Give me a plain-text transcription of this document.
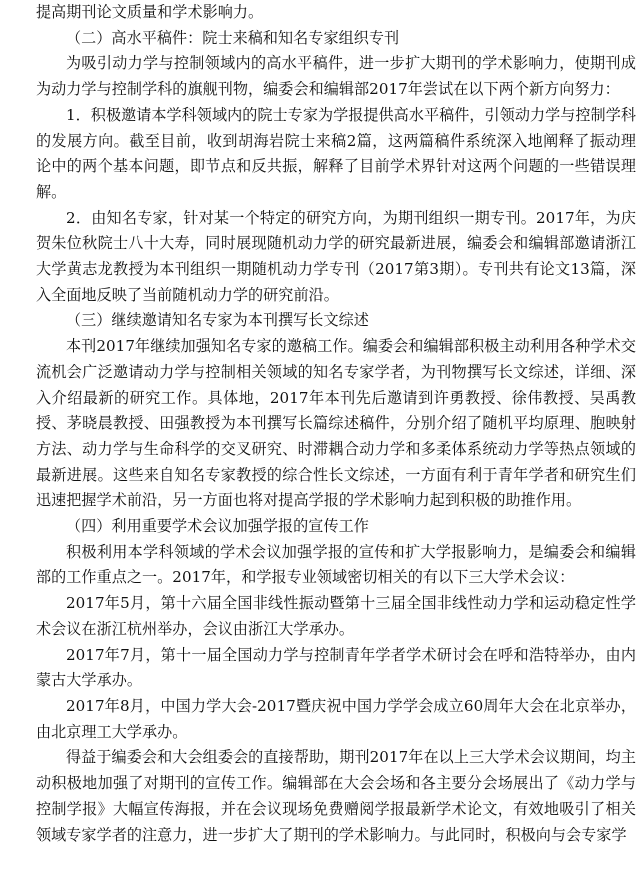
提高期刊论文质量和学术影响力。

（二）高水平稿件：院士来稿和知名专家组织专刊

为吸引动力学与控制领域内的高水平稿件，进一步扩大期刊的学术影响力，使期刊成为动力学与控制学科的旗舰刊物，编委会和编辑部2017年尝试在以下两个新方向努力：

1．积极邀请本学科领域内的院士专家为学报提供高水平稿件，引领动力学与控制学科的发展方向。截至目前，收到胡海岩院士来稿2篇，这两篇稿件系统深入地阐释了振动理论中的两个基本问题，即节点和反共振，解释了目前学术界针对这两个问题的一些错误理解。

2．由知名专家，针对某一个特定的研究方向，为期刊组织一期专刊。2017年，为庆贺朱位秋院士八十大寿，同时展现随机动力学的研究最新进展，编委会和编辑部邀请浙江大学黄志龙教授为本刊组织一期随机动力学专刊（2017第3期）。专刊共有论文13篇，深入全面地反映了当前随机动力学的研究前沿。

（三）继续邀请知名专家为本刊撰写长文综述

本刊2017年继续加强知名专家的邀稿工作。编委会和编辑部积极主动利用各种学术交流机会广泛邀请动力学与控制相关领域的知名专家学者，为刊物撰写长文综述，详细、深入介绍最新的研究工作。具体地，2017年本刊先后邀请到许勇教授、徐伟教授、吴禹教授、茅晓晨教授、田强教授为本刊撰写长篇综述稿件，分别介绍了随机平均原理、胞映射方法、动力学与生命科学的交叉研究、时滞耦合动力学和多柔体系统动力学等热点领域的最新进展。这些来自知名专家教授的综合性长文综述，一方面有利于青年学者和研究生们迅速把握学术前沿，另一方面也将对提高学报的学术影响力起到积极的助推作用。

（四）利用重要学术会议加强学报的宣传工作

积极利用本学科领域的学术会议加强学报的宣传和扩大学报影响力，是编委会和编辑部的工作重点之一。2017年，和学报专业领域密切相关的有以下三大学术会议：

2017年5月，第十六届全国非线性振动暨第十三届全国非线性动力学和运动稳定性学术会议在浙江杭州举办，会议由浙江大学承办。

2017年7月，第十一届全国动力学与控制青年学者学术研讨会在呼和浩特举办，由内蒙古大学承办。

2017年8月，中国力学大会-2017暨庆祝中国力学学会成立60周年大会在北京举办，由北京理工大学承办。

得益于编委会和大会组委会的直接帮助，期刊2017年在以上三大学术会议期间，均主动积极地加强了对期刊的宣传工作。编辑部在大会会场和各主要分会场展出了《动力学与控制学报》大幅宣传海报，并在会议现场免费赠阅学报最新学术论文，有效地吸引了相关领域专家学者的注意力，进一步扩大了期刊的学术影响力。与此同时，积极向与会专家学
